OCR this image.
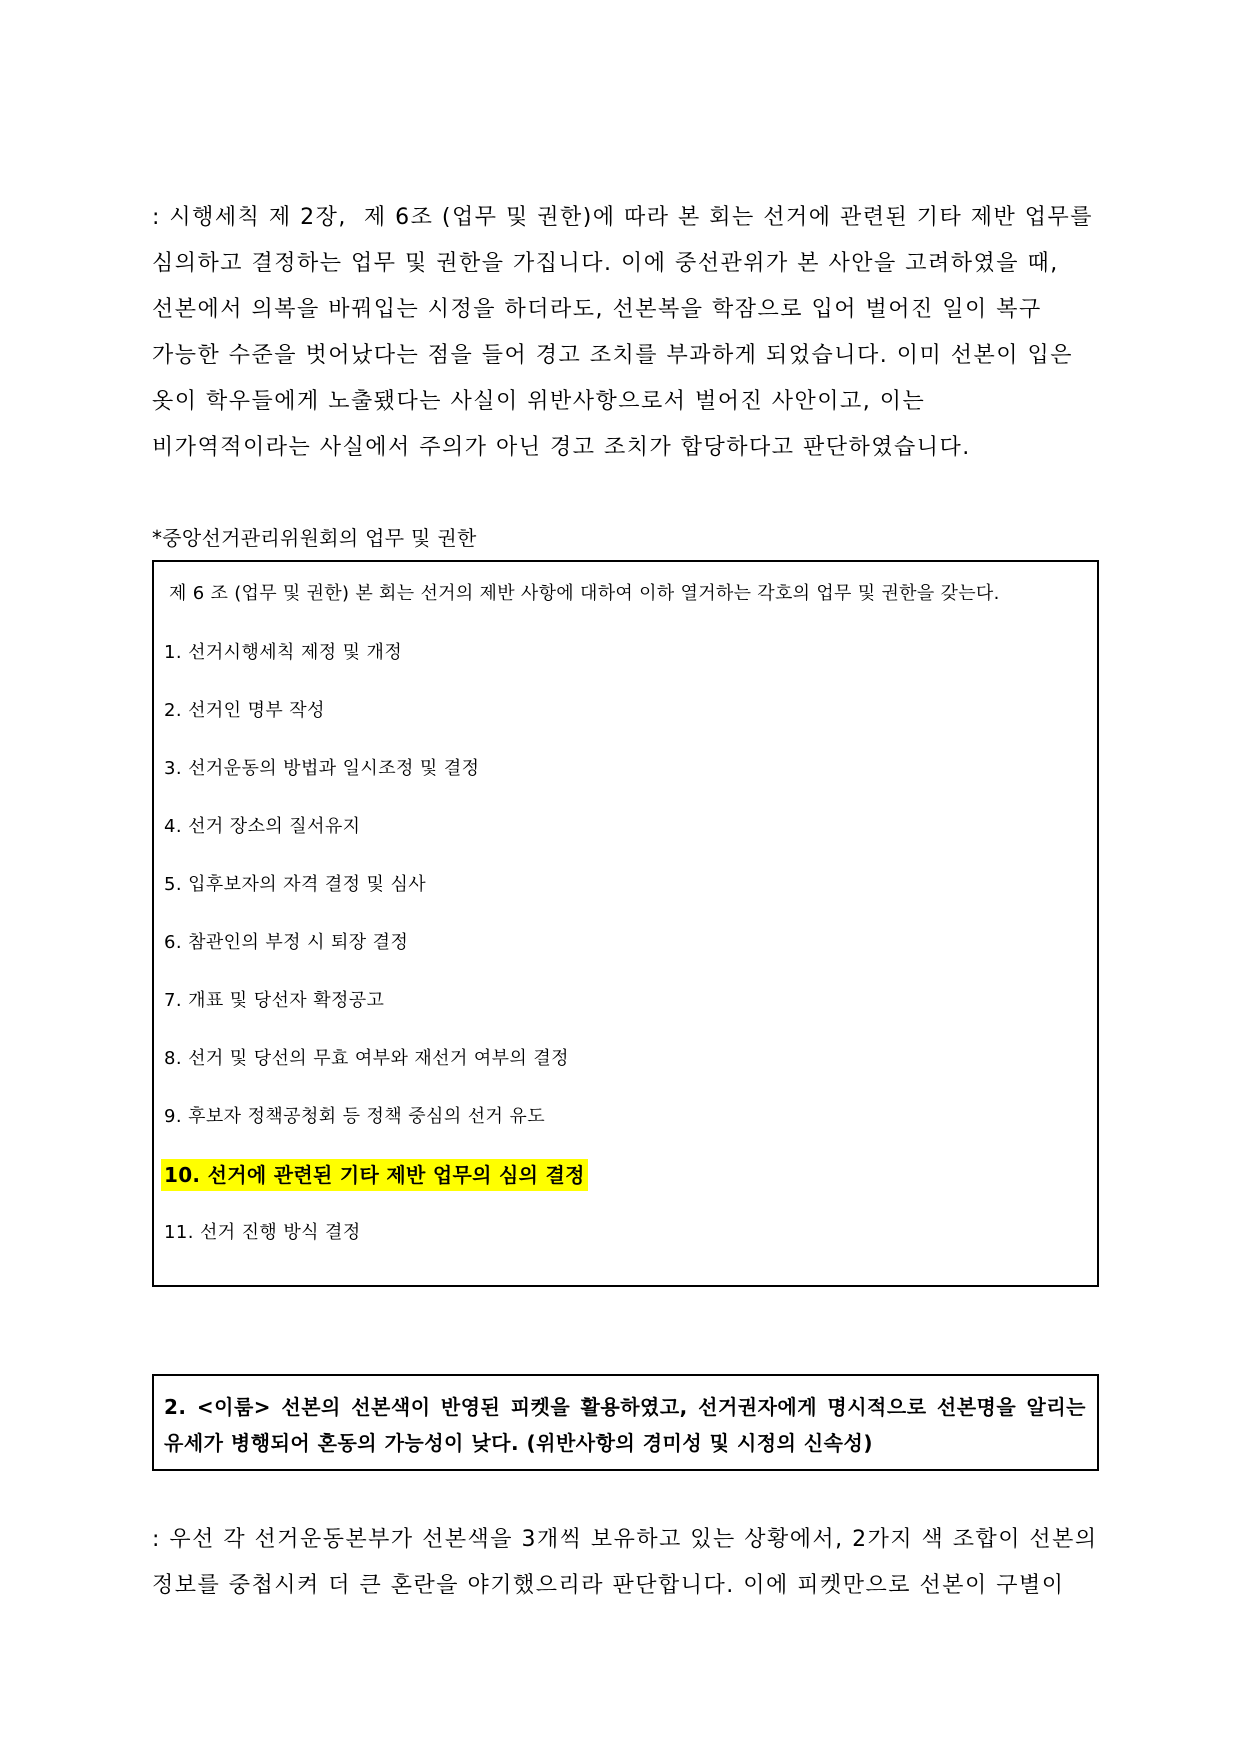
: 시행세칙 제 2장,  제 6조 (업무 및 권한)에 따라 본 회는 선거에 관련된 기타 제반 업무를
심의하고 결정하는 업무 및 권한을 가집니다. 이에 중선관위가 본 사안을 고려하였을 때,
선본에서 의복을 바꿔입는 시정을 하더라도, 선본복을 학잠으로 입어 벌어진 일이 복구
가능한 수준을 벗어났다는 점을 들어 경고 조치를 부과하게 되었습니다. 이미 선본이 입은
옷이 학우들에게 노출됐다는 사실이 위반사항으로서 벌어진 사안이고, 이는
비가역적이라는 사실에서 주의가 아닌 경고 조치가 합당하다고 판단하였습니다.
*중앙선거관리위원회의 업무 및 권한
제 6 조 (업무 및 권한) 본 회는 선거의 제반 사항에 대하여 이하 열거하는 각호의 업무 및 권한을 갖는다.
1. 선거시행세칙 제정 및 개정
2. 선거인 명부 작성
3. 선거운동의 방법과 일시조정 및 결정
4. 선거 장소의 질서유지
5. 입후보자의 자격 결정 및 심사
6. 참관인의 부정 시 퇴장 결정
7. 개표 및 당선자 확정공고
8. 선거 및 당선의 무효 여부와 재선거 여부의 결정
9. 후보자 정책공청회 등 정책 중심의 선거 유도
10. 선거에 관련된 기타 제반 업무의 심의 결정
11. 선거 진행 방식 결정
2. <이룸> 선본의 선본색이 반영된 피켓을 활용하였고, 선거권자에게 명시적으로 선본명을 알리는
유세가 병행되어 혼동의 가능성이 낮다. (위반사항의 경미성 및 시정의 신속성)
: 우선 각 선거운동본부가 선본색을 3개씩 보유하고 있는 상황에서, 2가지 색 조합이 선본의
정보를 중첩시켜 더 큰 혼란을 야기했으리라 판단합니다. 이에 피켓만으로 선본이 구별이
